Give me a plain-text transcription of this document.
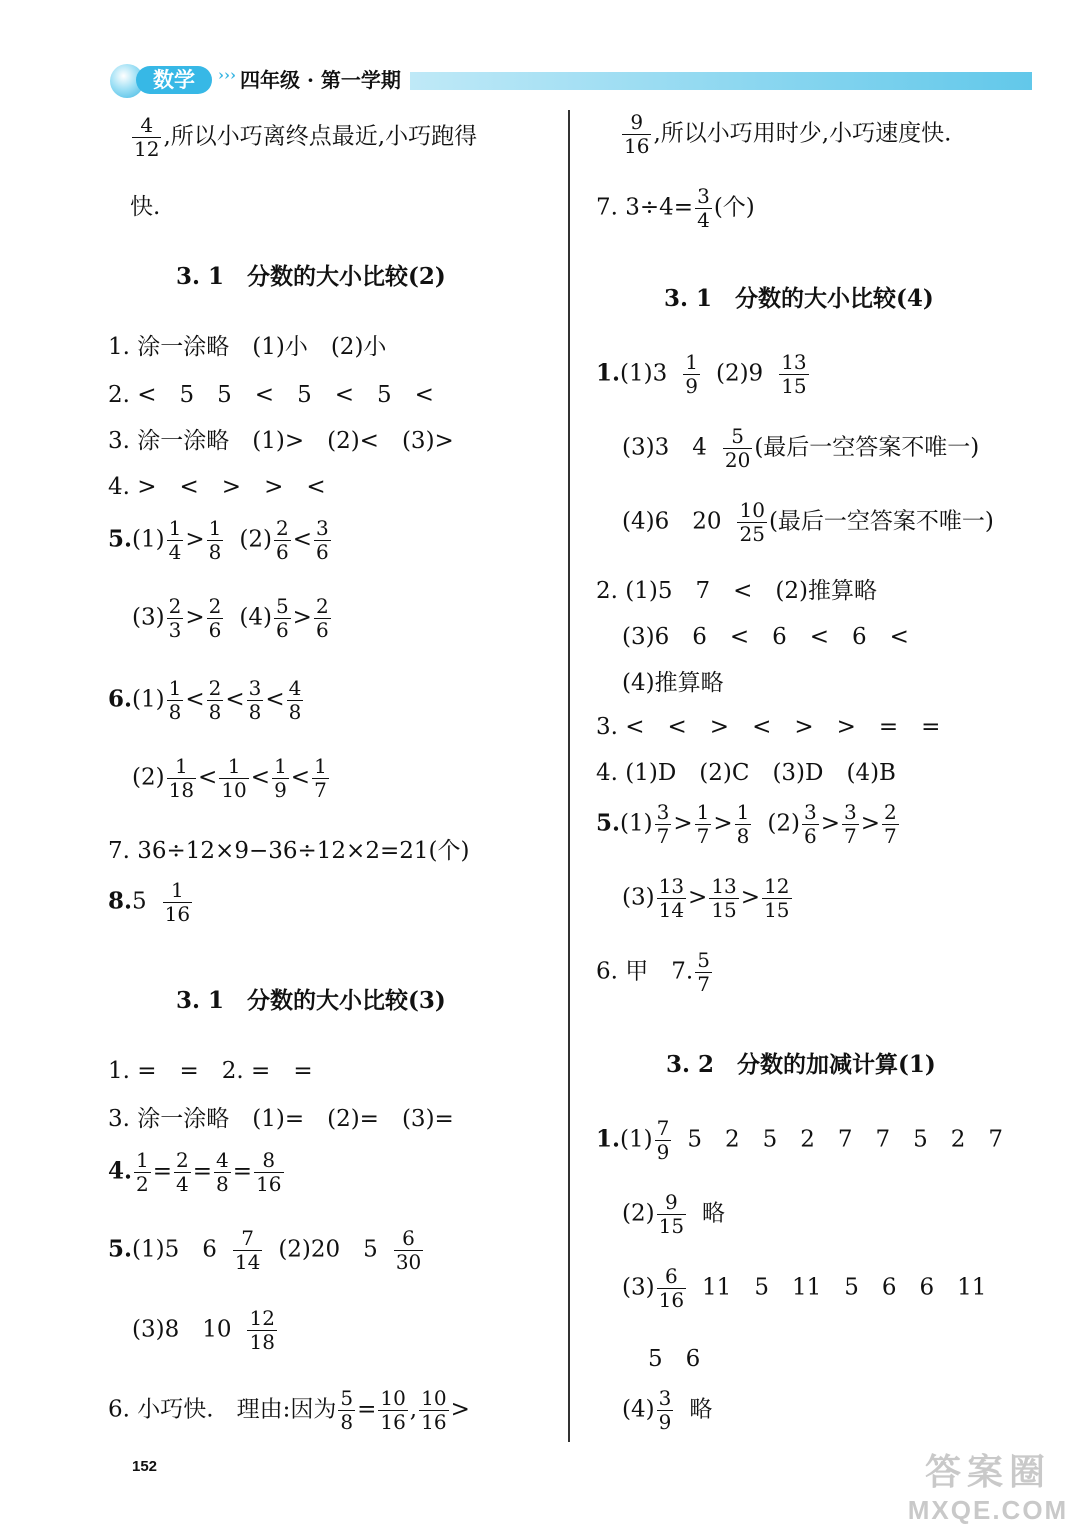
数学	››› 四年级 · 第一学期
$\frac{4}{12}$ ,所以小巧离终点最近,小巧跑得
快.
3. 1　分数的大小比较(2)
1. 涂一涂略　(1)小　(2)小
2. <　5　5　<　5　<　5　<
3. 涂一涂略　(1)>　(2)<　(3)>
4. >　<　>　>　<
$5.(1) \frac{1}{4} > \frac{1}{8} (2) \frac{2}{6} < \frac{3}{6}$
$(3) \frac{2}{3} > \frac{2}{6} (4) \frac{5}{6} > \frac{2}{6}$
$6.(1) \frac{1}{8} < \frac{2}{8} < \frac{3}{8} < \frac{4}{8}$
$(2) \frac{1}{18} < \frac{1}{10} < \frac{1}{9} < \frac{1}{7}$
7. 36÷12×9−36÷12×2=21(个)
$8.5 \frac{1}{16}$
3. 1　分数的大小比较(3)
1. =　=　2. =　=
3. 涂一涂略　(1)=　(2)=　(3)=
4. $\frac{1}{2} = \frac{2}{4} = \frac{4}{8} = \frac{8}{16}$
5.(1)5　$6 \frac{7}{14} (2)20$　$5 \frac{6}{30}$
(3)8　$10 \frac{12}{18}$
6. 小巧快.　理由:因为 $\frac{5}{8} = \frac{10}{16}$ , $\frac{10}{16}$ >
$\frac{9}{16}$ ,所以小巧用时少,小巧速度快.
7. $3\div 4= \frac{3}{4}$ (个)
3. 1　分数的大小比较(4)
$1.(1)3 \frac{1}{9} (2)9 \frac{13}{15}$
(3)3　$4 \frac{5}{20}$ (最后一空答案不唯一)
(4)6　$20 \frac{10}{25}$ (最后一空答案不唯一)
2. (1)5　7　<　(2)推算略
(3)6　6　<　6　<　6　<
(4)推算略
3. <　<　>　<　>　>　=　=
4. (1)D　(2)C　(3)D　(4)B
$5.(1) \frac{3}{7} > \frac{1}{7} > \frac{1}{8} (2) \frac{3}{6} > \frac{3}{7} > \frac{2}{7}$
$(3) \frac{13}{14} > \frac{13}{15} > \frac{12}{15}$
6. 甲　7. $\frac{5}{7}$
3. 2　分数的加减计算(1)
$1.(1) \frac{7}{9} 5$　2　5　2　7　7　5　2　7
$(2) \frac{9}{15}$ 略
$(3) \frac{6}{16} 11$　5　11　5　6　6　11
5　6
$(4) \frac{3}{9}$ 略
152	答案圈
MXQE.COM
